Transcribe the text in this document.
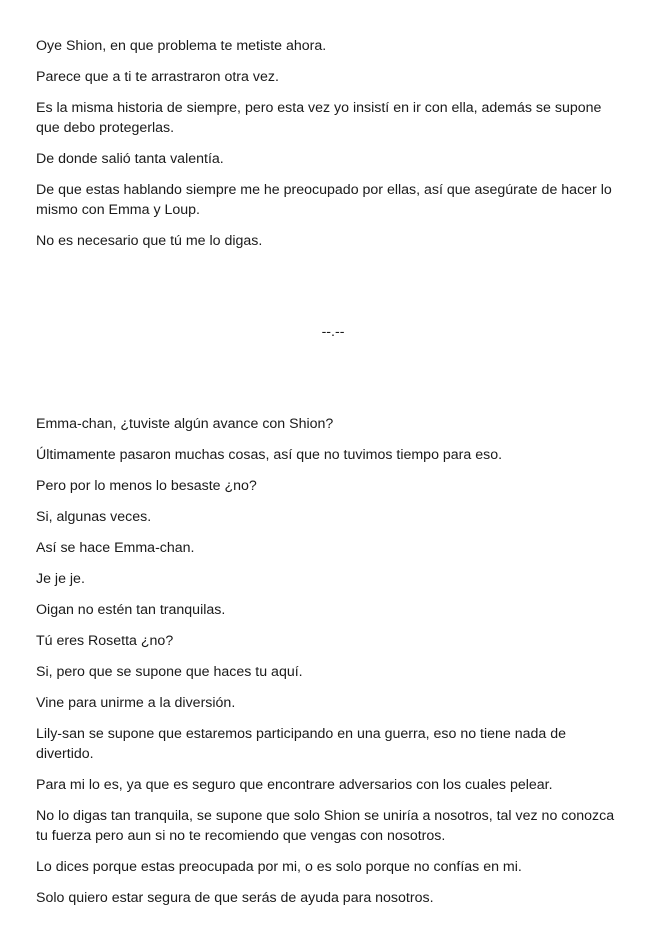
Oye Shion, en que problema te metiste ahora.

Parece que a ti te arrastraron otra vez.

Es la misma historia de siempre, pero esta vez yo insistí en ir con ella, además se supone que debo protegerlas.

De donde salió tanta valentía.

De que estas hablando siempre me he preocupado por ellas, así que asegúrate de hacer lo mismo con Emma y Loup.

No es necesario que tú me lo digas.

--.--

Emma-chan, ¿tuviste algún avance con Shion?

Últimamente pasaron muchas cosas, así que no tuvimos tiempo para eso.

Pero por lo menos lo besaste ¿no?

Si, algunas veces.

Así se hace Emma-chan.

Je je je.

Oigan no estén tan tranquilas.

Tú eres Rosetta ¿no?

Si, pero que se supone que haces tu aquí.

Vine para unirme a la diversión.

Lily-san se supone que estaremos participando en una guerra, eso no tiene nada de divertido.

Para mi lo es, ya que es seguro que encontrare adversarios con los cuales pelear.

No lo digas tan tranquila, se supone que solo Shion se uniría a nosotros, tal vez no conozca tu fuerza pero aun si no te recomiendo que vengas con nosotros.

Lo dices porque estas preocupada por mi, o es solo porque no confías en mi.

Solo quiero estar segura de que serás de ayuda para nosotros.
